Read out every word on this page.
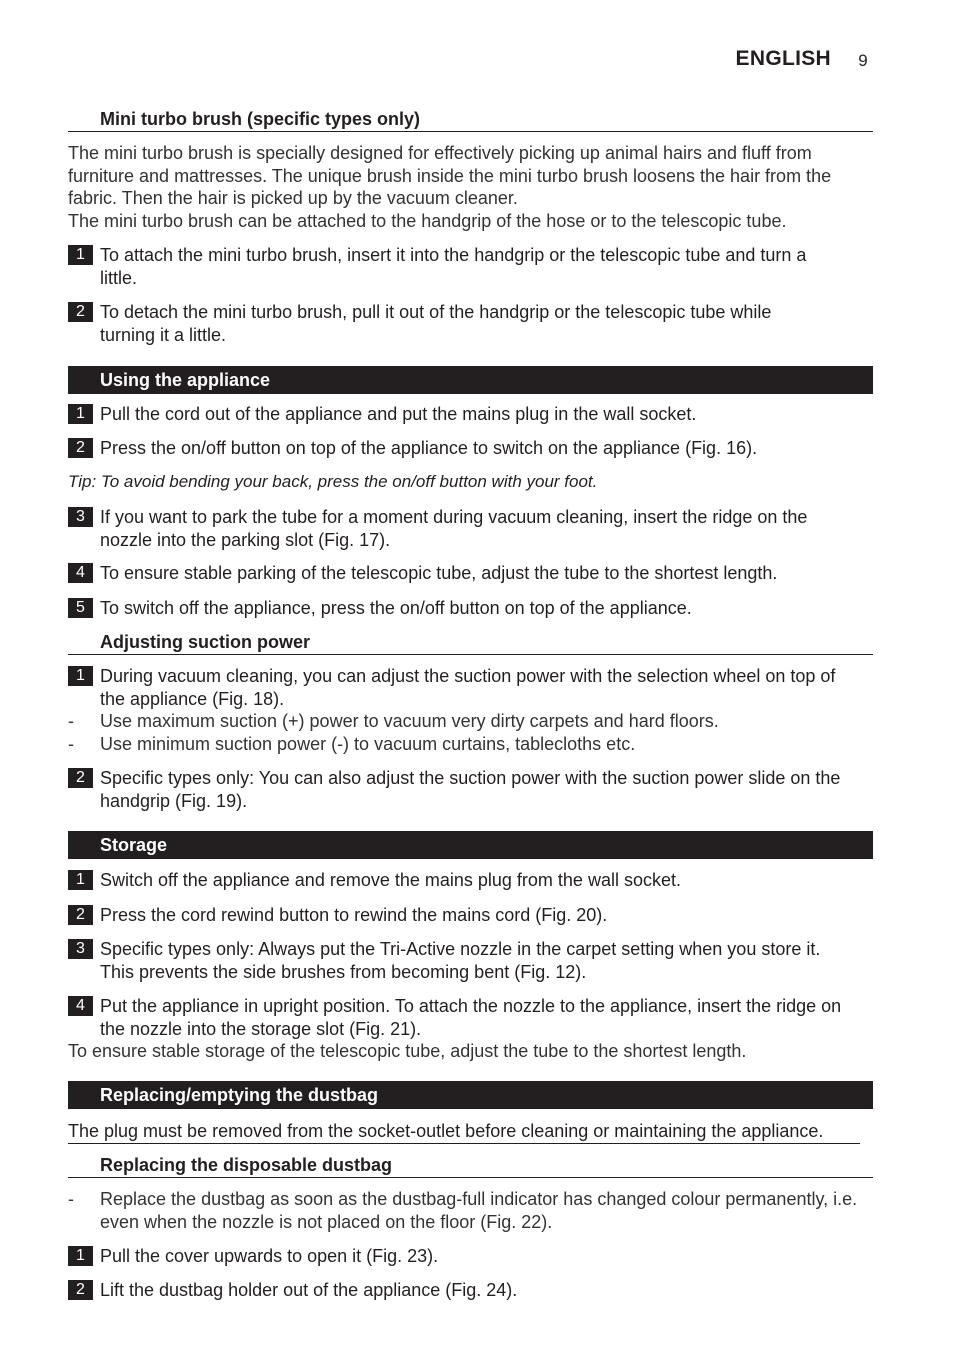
ENGLISH	9
Mini turbo brush (specific types only)
The mini turbo brush is specially designed for effectively picking up animal hairs and fluff from
furniture and mattresses. The unique brush inside the mini turbo brush loosens the hair from the
fabric. Then the hair is picked up by the vacuum cleaner.
The mini turbo brush can be attached to the handgrip of the hose or to the telescopic tube.
1 To attach the mini turbo brush, insert it into the handgrip or the telescopic tube and turn a
little.
2 To detach the mini turbo brush, pull it out of the handgrip or the telescopic tube while
turning it a little.
Using the appliance
1 Pull the cord out of the appliance and put the mains plug in the wall socket.
2 Press the on/off button on top of the appliance to switch on the appliance (Fig. 16).
Tip: To avoid bending your back, press the on/off button with your foot.
3 If you want to park the tube for a moment during vacuum cleaning, insert the ridge on the
nozzle into the parking slot (Fig. 17).
4 To ensure stable parking of the telescopic tube, adjust the tube to the shortest length.
5 To switch off the appliance, press the on/off button on top of the appliance.
Adjusting suction power
1 During vacuum cleaning, you can adjust the suction power with the selection wheel on top of
the appliance (Fig. 18).
- Use maximum suction (+) power to vacuum very dirty carpets and hard floors.
- Use minimum suction power (-) to vacuum curtains, tablecloths etc.
2 Specific types only: You can also adjust the suction power with the suction power slide on the
handgrip (Fig. 19).
Storage
1 Switch off the appliance and remove the mains plug from the wall socket.
2 Press the cord rewind button to rewind the mains cord (Fig. 20).
3 Specific types only: Always put the Tri-Active nozzle in the carpet setting when you store it.
This prevents the side brushes from becoming bent (Fig. 12).
4 Put the appliance in upright position. To attach the nozzle to the appliance, insert the ridge on
the nozzle into the storage slot (Fig. 21).
To ensure stable storage of the telescopic tube, adjust the tube to the shortest length.
Replacing/emptying the dustbag
The plug must be removed from the socket-outlet before cleaning or maintaining the appliance.
Replacing the disposable dustbag
- Replace the dustbag as soon as the dustbag-full indicator has changed colour permanently, i.e.
even when the nozzle is not placed on the floor (Fig. 22).
1 Pull the cover upwards to open it (Fig. 23).
2 Lift the dustbag holder out of the appliance (Fig. 24).
